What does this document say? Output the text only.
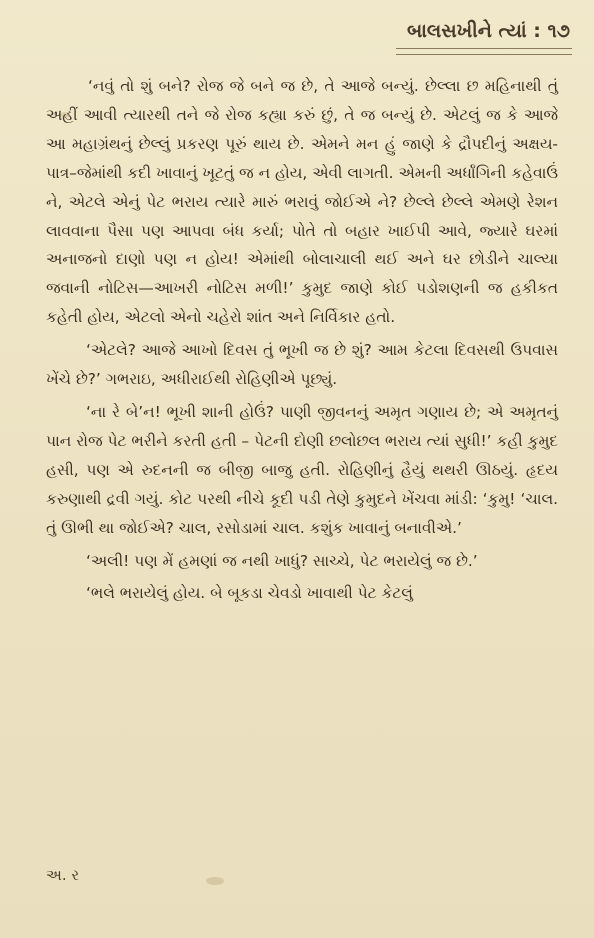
બાલસખીને ત્યાં : ૧૭

‘નવું તો શું બને? રોજ જે બને જ છે, તે આજે બન્યું. છેલ્લા છ મહિનાથી તું અહીં આવી ત્યારથી તને જે રોજ કહ્યા કરું છું, તે જ બન્યું છે. એટલું જ કે આજે આ મહાગ્રંથનું છેલ્લું પ્રકરણ પૂરું થાય છે. એમને મન હું જાણે કે દ્રૌપદીનું અક્ષય-પાત્ર–જેમાંથી કદી ખાવાનું ખૂટતું જ ન હોય, એવી લાગતી. એમની અર્ધાંગિની કહેવાઉં ને, એટલે એનું પેટ ભરાય ત્યારે મારું ભરાવું જોઈએ ને? છેલ્લે છેલ્લે એમણે રેશન લાવવાના પૈસા પણ આપવા બંધ કર્યા; પોતે તો બહાર ખાઈપી આવે, જ્યારે ઘરમાં અનાજનો દાણો પણ ન હોય! એમાંથી બોલાચાલી થઈ અને ઘર છોડીને ચાલ્યા જવાની નોટિસ—આખરી નોટિસ મળી!’ કુમુદ જાણે કોઈ પડોશણની જ હકીકત કહેતી હોય, એટલો એનો ચહેરો શાંત અને નિર્વિકાર હતો.

‘એટલે? આજે આખો દિવસ તું ભૂખી જ છે શું? આમ કેટલા દિવસથી ઉપવાસ ખેંચે છે?’ ગભરાઇ, અધીરાઈથી રોહિણીએ પૂછ્યું.

‘ના રે બે’ન! ભૂખી શાની હોઉં? પાણી જીવનનું અમૃત ગણાય છે; એ અમૃતનું પાન રોજ પેટ ભરીને કરતી હતી – પેટની દોણી છલોછલ ભરાય ત્યાં સુધી!’ કહી કુમુદ હસી, પણ એ રુદનની જ બીજી બાજુ હતી. રોહિણીનું હૈયું થથરી ઊઠયું. હૃદય કરુણાથી દ્રવી ગયું. કોટ પરથી નીચે કૂદી પડી તેણે કુમુદને ખેંચવા માંડી: ‘કુમુ! ‘ચાલ. તું ઊભી થા જોઈએ? ચાલ, રસોડામાં ચાલ. કશુંક ખાવાનું બનાવીએ.’

‘અલી! પણ મેં હમણાં જ નથી ખાધું? સાચ્ચે, પેટ ભરાયેલું જ છે.’

‘ભલે ભરાયેલું હોય. બે બૂકડા ચેવડો ખાવાથી પેટ કેટલું

અ. ર
